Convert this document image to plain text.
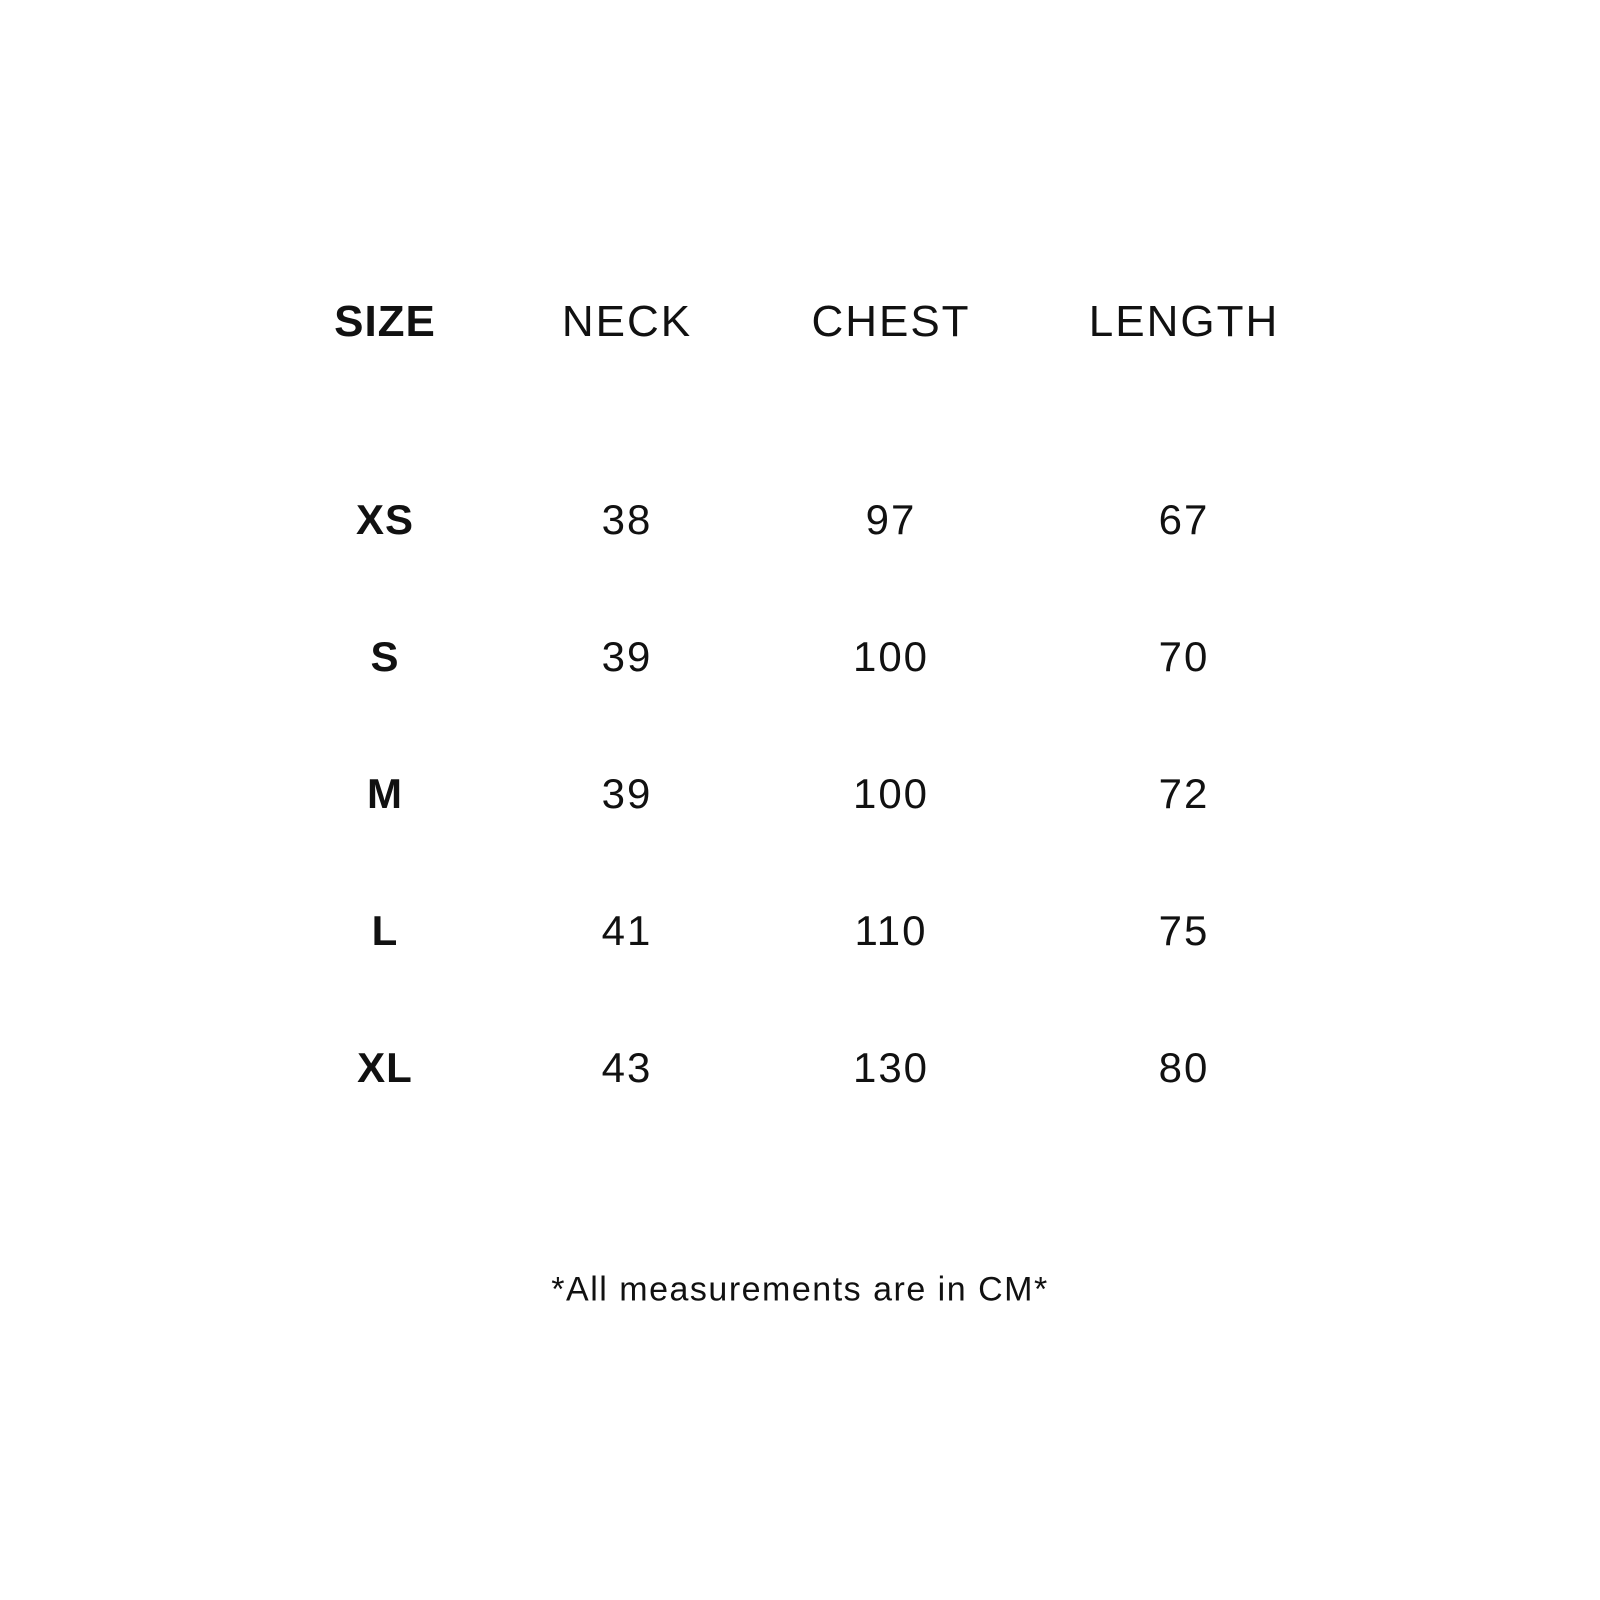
SIZE	NECK	CHEST	LENGTH
XS	38	97	67
S	39	100	70
M	39	100	72
L	41	110	75
XL	43	130	80
*All measurements are in CM*
